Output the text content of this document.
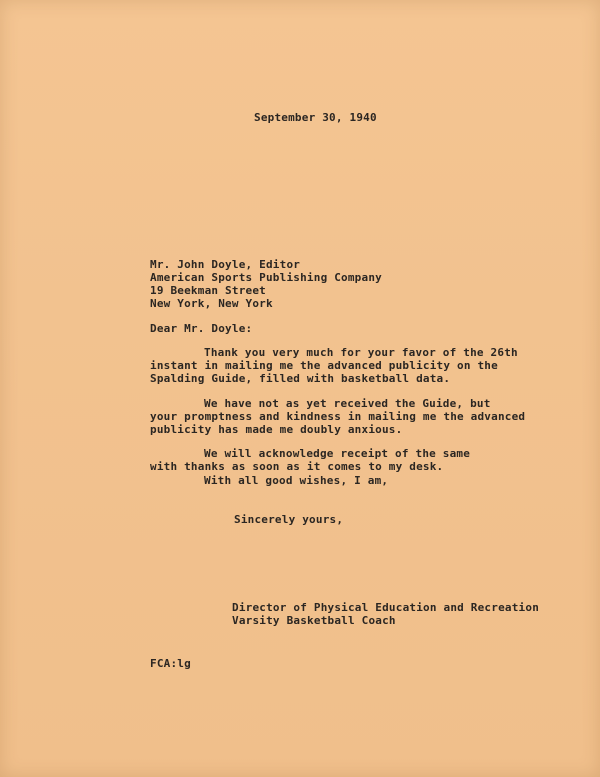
September 30, 1940
Mr. John Doyle, Editor
American Sports Publishing Company
19 Beekman Street
New York, New York
Dear Mr. Doyle:
Thank you very much for your favor of the 26th
instant in mailing me the advanced publicity on the
Spalding Guide, filled with basketball data.
We have not as yet received the Guide, but
your promptness and kindness in mailing me the advanced
publicity has made me doubly anxious.
We will acknowledge receipt of the same
with thanks as soon as it comes to my desk.
With all good wishes, I am,
Sincerely yours,
Director of Physical Education and Recreation
Varsity Basketball Coach
FCA:lg
